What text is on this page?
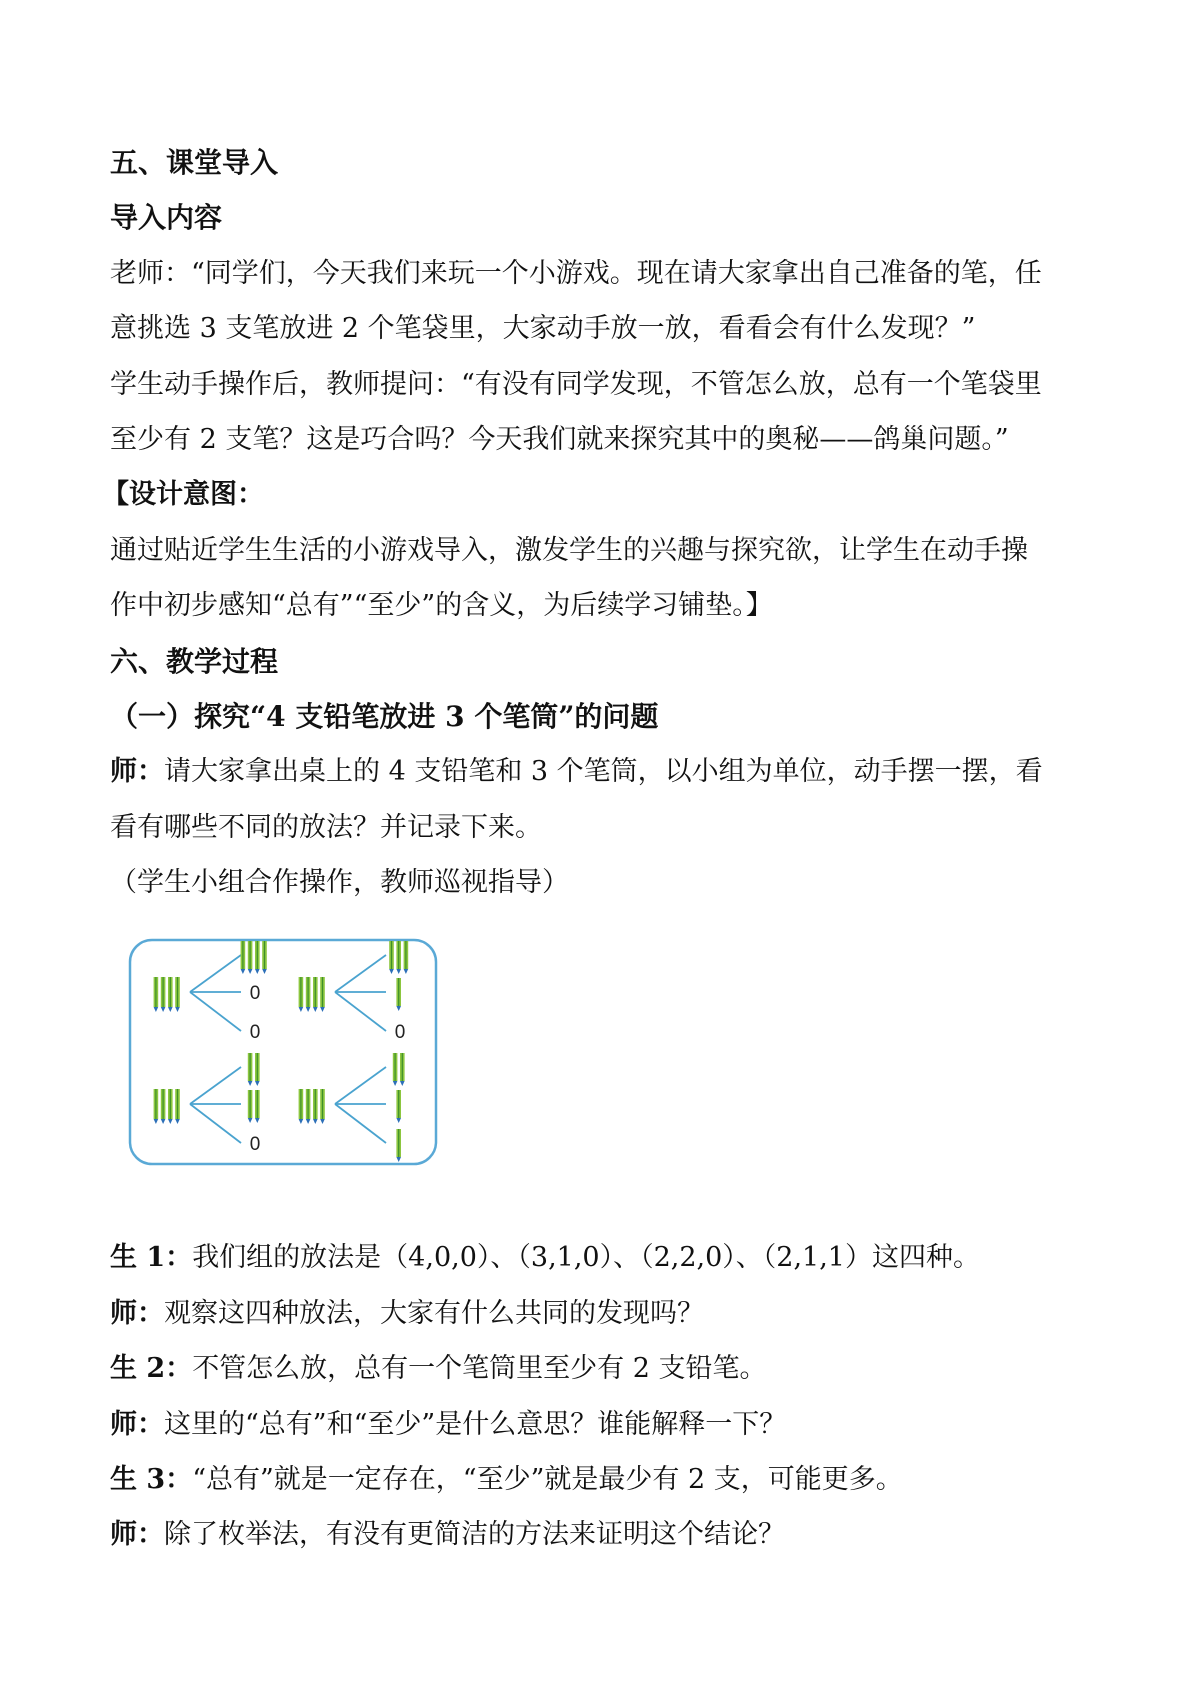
五、课堂导入
导入内容
老师：“同学们，今天我们来玩一个小游戏。现在请大家拿出自己准备的笔，任
意挑选 3 支笔放进 2 个笔袋里，大家动手放一放，看看会有什么发现？”
学生动手操作后，教师提问：“有没有同学发现，不管怎么放，总有一个笔袋里
至少有 2 支笔？这是巧合吗？今天我们就来探究其中的奥秘——鸽巢问题。”
【设计意图：
通过贴近学生生活的小游戏导入，激发学生的兴趣与探究欲，让学生在动手操
作中初步感知“总有”“至少”的含义，为后续学习铺垫。】
六、教学过程
（一）探究“4 支铅笔放进 3 个笔筒”的问题
师：请大家拿出桌上的 4 支铅笔和 3 个笔筒，以小组为单位，动手摆一摆，看
看有哪些不同的放法？并记录下来。
（学生小组合作操作，教师巡视指导）
0
0	0
0
生 1：我们组的放法是（4,0,0）、（3,1,0）、（2,2,0）、（2,1,1）这四种。
师：观察这四种放法，大家有什么共同的发现吗？
生 2：不管怎么放，总有一个笔筒里至少有 2 支铅笔。
师：这里的“总有”和“至少”是什么意思？谁能解释一下？
生 3：“总有”就是一定存在，“至少”就是最少有 2 支，可能更多。
师：除了枚举法，有没有更简洁的方法来证明这个结论？
